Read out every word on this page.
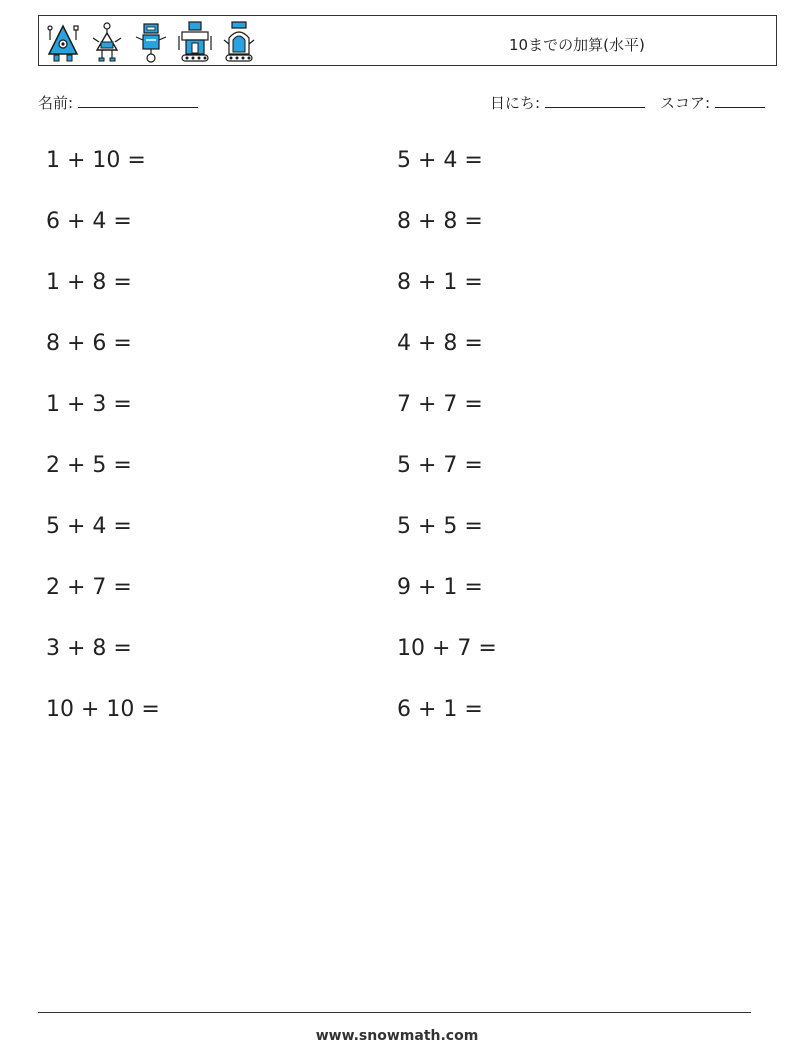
10までの加算(水平)
名前:	日にち:	スコア:
1 + 10 =
6 + 4 =
1 + 8 =
8 + 6 =
1 + 3 =
2 + 5 =
5 + 4 =
2 + 7 =
3 + 8 =
10 + 10 =
5 + 4 =
8 + 8 =
8 + 1 =
4 + 8 =
7 + 7 =
5 + 7 =
5 + 5 =
9 + 1 =
10 + 7 =
6 + 1 =
www.snowmath.com
